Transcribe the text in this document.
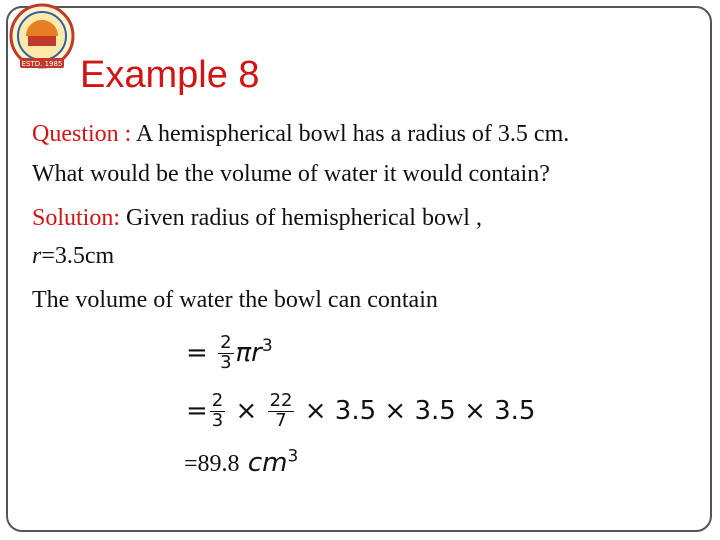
ESTD. 1985 Example 8
Question : A hemispherical bowl has a radius of 3.5 cm.
What would be the volume of water it would contain?
Solution: Given radius of hemispherical bowl ,
r=3.5cm
The volume of water the bowl can contain
= $\frac{2}{3} \pi r^3$
= $\frac{2}{3} \times \frac{22}{7} \times 3.5 \times 3.5 \times 3.5$
=89.8 $cm^3$
